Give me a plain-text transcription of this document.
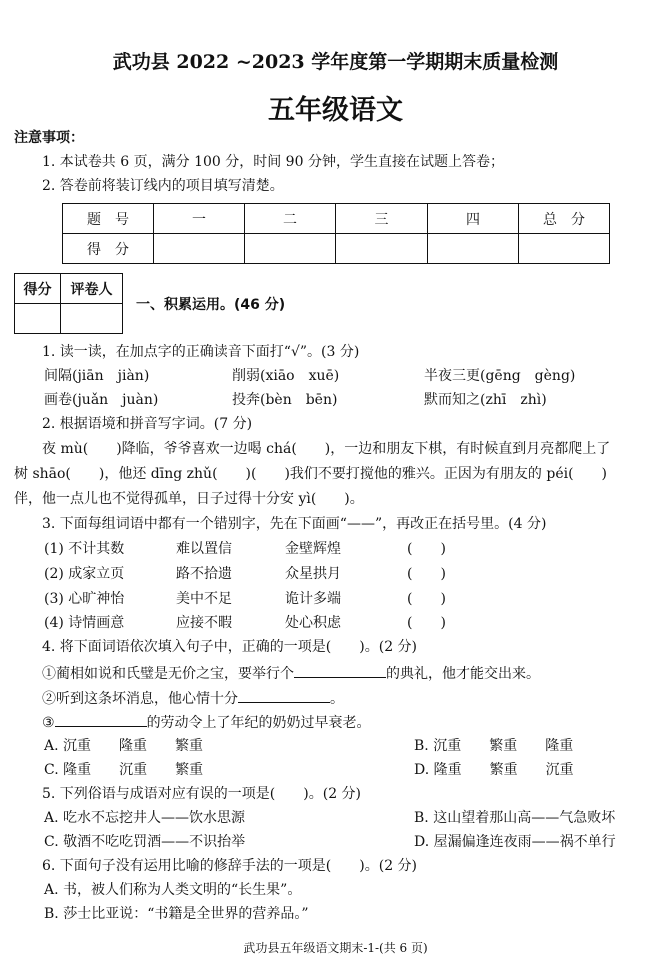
武功县 2022 ~2023 学年度第一学期期末质量检测
五年级语文
注意事项：
1. 本试卷共 6 页，满分 100 分，时间 90 分钟，学生直接在试题上答卷；
2. 答卷前将装订线内的项目填写清楚。
题　号	一	二	三	四	总　分
得　分					
得分	评卷人

一、积累运用。(46 分)
1. 读一读，在加点字的正确读音下面打“√”。(3 分)
间隔(jiān　jiàn)	削弱(xiāo　xuē)	半夜三更(gēng　gèng)
画卷(juǎn　juàn)	投奔(bèn　bēn)	默而知之(zhī　zhì)
2. 根据语境和拼音写字词。(7 分)
夜 mù(　　)降临，爷爷喜欢一边喝 chá(　　)，一边和朋友下棋，有时候直到月亮都爬上了
树 shāo(　　)，他还 dīng zhǔ(　　)(　　)我们不要打搅他的雅兴。正因为有朋友的 péi(　　)
伴，他一点儿也不觉得孤单，日子过得十分安 yì(　　)。
3. 下面每组词语中都有一个错别字，先在下面画“——”，再改正在括号里。(4 分)
(1) 不计其数	难以置信	金壁辉煌	(　　)
(2) 成家立页	路不拾遗	众星拱月	(　　)
(3) 心旷神怡	美中不足	诡计多端	(　　)
(4) 诗情画意	应接不暇	处心积虑	(　　)
4. 将下面词语依次填入句子中，正确的一项是(　　)。(2 分)
①蔺相如说和氏璧是无价之宝，要举行个	的典礼，他才能交出来。
②听到这条坏消息，他心情十分	。
③	的劳动令上了年纪的奶奶过早衰老。
A. 沉重　　隆重　　繁重	B. 沉重　　繁重　　隆重
C. 隆重　　沉重　　繁重	D. 隆重　　繁重　　沉重
5. 下列俗语与成语对应有误的一项是(　　)。(2 分)
A. 吃水不忘挖井人——饮水思源	B. 这山望着那山高——气急败坏
C. 敬酒不吃吃罚酒——不识抬举	D. 屋漏偏逢连夜雨——祸不单行
6. 下面句子没有运用比喻的修辞手法的一项是(　　)。(2 分)
A. 书，被人们称为人类文明的“长生果”。
B. 莎士比亚说：“书籍是全世界的营养品。”
武功县五年级语文期末-1-(共 6 页)
